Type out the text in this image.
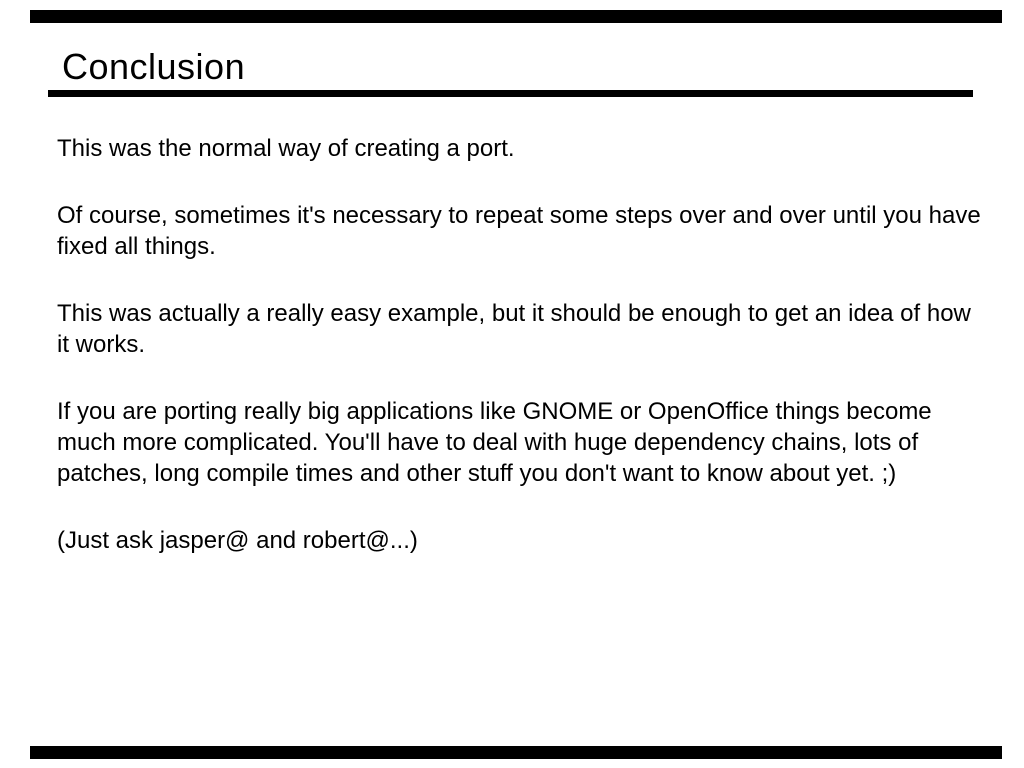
Conclusion

This was the normal way of creating a port.

Of course, sometimes it's necessary to repeat some steps over and over until you have fixed all things.

This was actually a really easy example, but it should be enough to get an idea of how it works.

If you are porting really big applications like GNOME or OpenOffice things become much more complicated. You'll have to deal with huge dependency chains, lots of patches, long compile times and other stuff you don't want to know about yet. ;)

(Just ask jasper@ and robert@...)
